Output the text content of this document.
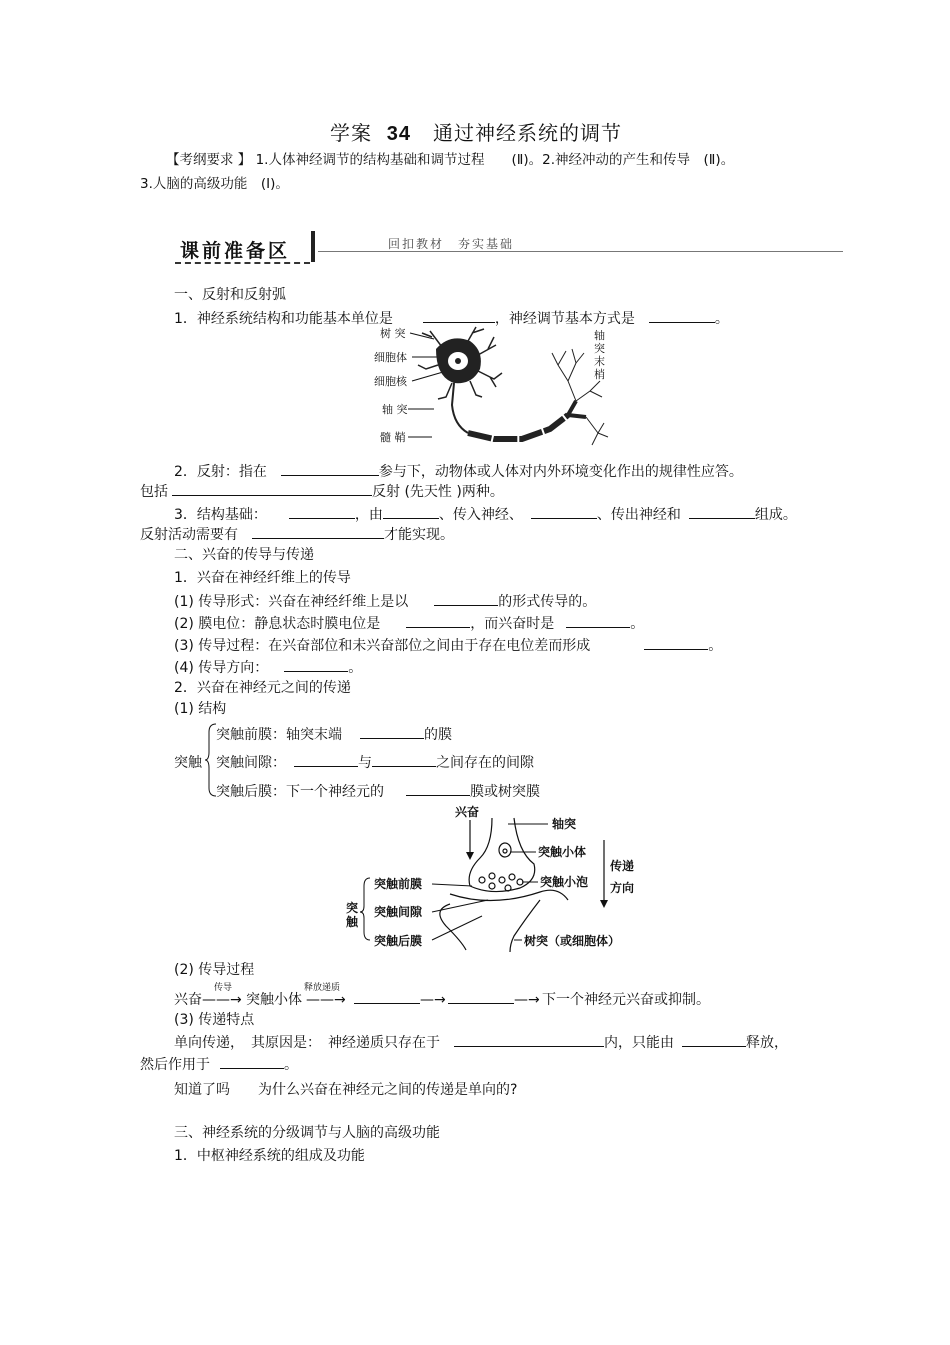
学案 34 通过神经系统的调节
【考纲要求 】 1.人体神经调节的结构基础和调节过程　　(Ⅱ)。2.神经冲动的产生和传导　(Ⅱ)。
3.人脑的高级功能　(Ⅰ)。
课前准备区	回扣教材　夯实基础
一、反射和反射弧
1．神经系统结构和功能基本单位是	，神经调节基本方式是	。
树 突
细胞体
细胞核
轴 突
髓 鞘
轴
突
末
梢
2．反射：指在	参与下，动物体或人体对内外环境变化作出的规律性应答。
包括	反射 (先天性 )两种。
3．结构基础：	，由	、传入神经、	、传出神经和	组成。
反射活动需要有	才能实现。
二、兴奋的传导与传递
1．兴奋在神经纤维上的传导
(1) 传导形式：兴奋在神经纤维上是以	的形式传导的。
(2) 膜电位：静息状态时膜电位是	，而兴奋时是	。
(3) 传导过程：在兴奋部位和未兴奋部位之间由于存在电位差而形成	。
(4) 传导方向：	。
2．兴奋在神经元之间的传递
(1) 结构
突触
突触前膜：轴突末端	的膜
突触间隙：	与	之间存在的间隙
突触后膜：下一个神经元的	膜或树突膜
兴奋
轴突
突触小体
突触小泡
突触前膜
突触间隙
突触后膜	树突（或细胞体）
传递
方向
突
触
(2) 传导过程
兴奋
传导
——→ 突触小体
释放递质
——→	—→	—→ 下一个神经元兴奋或抑制。
(3) 传递特点
单向传递，　其原因是：　神经递质只存在于	内，只能由	释放，
然后作用于	。
知道了吗　　为什么兴奋在神经元之间的传递是单向的?
三、神经系统的分级调节与人脑的高级功能
1．中枢神经系统的组成及功能
